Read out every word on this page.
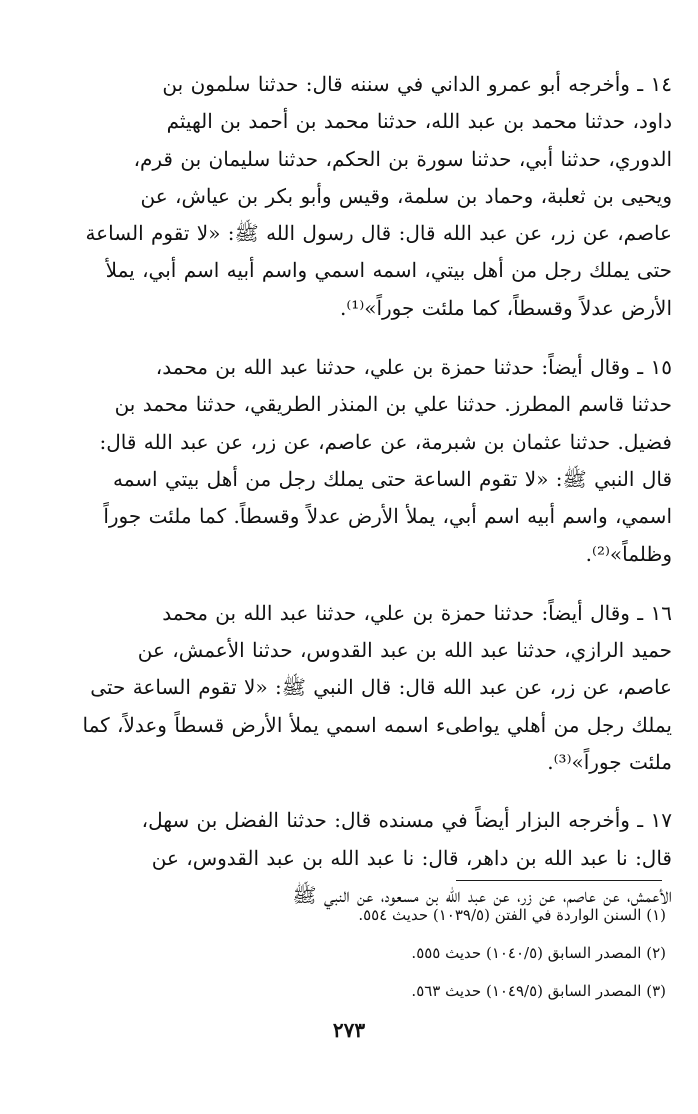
١٤ ـ وأخرجه أبو عمرو الداني في سننه قال: حدثنا سلمون بن
داود، حدثنا محمد بن عبد الله، حدثنا محمد بن أحمد بن الهيثم
الدوري، حدثنا أبي، حدثنا سورة بن الحكم، حدثنا سليمان بن قرم،
ويحيى بن ثعلبة، وحماد بن سلمة، وقيس وأبو بكر بن عياش، عن
عاصم، عن زر، عن عبد الله قال: قال رسول الله ﷺ: «لا تقوم الساعة
حتى يملك رجل من أهل بيتي، اسمه اسمي واسم أبيه اسم أبي، يملأ
الأرض عدلاً وقسطاً، كما ملئت جوراً»⁽¹⁾.

١٥ ـ وقال أيضاً: حدثنا حمزة بن علي، حدثنا عبد الله بن محمد،
حدثنا قاسم المطرز. حدثنا علي بن المنذر الطريقي، حدثنا محمد بن
فضيل. حدثنا عثمان بن شبرمة، عن عاصم، عن زر، عن عبد الله قال:
قال النبي ﷺ: «لا تقوم الساعة حتى يملك رجل من أهل بيتي اسمه
اسمي، واسم أبيه اسم أبي، يملأ الأرض عدلاً وقسطاً. كما ملئت جوراً
وظلماً»⁽²⁾.

١٦ ـ وقال أيضاً: حدثنا حمزة بن علي، حدثنا عبد الله بن محمد
حميد الرازي، حدثنا عبد الله بن عبد القدوس، حدثنا الأعمش، عن
عاصم، عن زر، عن عبد الله قال: قال النبي ﷺ: «لا تقوم الساعة حتى
يملك رجل من أهلي يواطىء اسمه اسمي يملأ الأرض قسطاً وعدلاً، كما
ملئت جوراً»⁽³⁾.

١٧ ـ وأخرجه البزار أيضاً في مسنده قال: حدثنا الفضل بن سهل،
قال: نا عبد الله بن داهر، قال: نا عبد الله بن عبد القدوس، عن
الأعمش، عن عاصم، عن زر، عن عبد الله بن مسعود، عن النبي ﷺ

(١) السنن الواردة في الفتن (١٠٣٩/٥) حديث ٥٥٤.
(٢) المصدر السابق (١٠٤٠/٥) حديث ٥٥٥.
(٣) المصدر السابق (١٠٤٩/٥) حديث ٥٦٣.
٢٧٣
